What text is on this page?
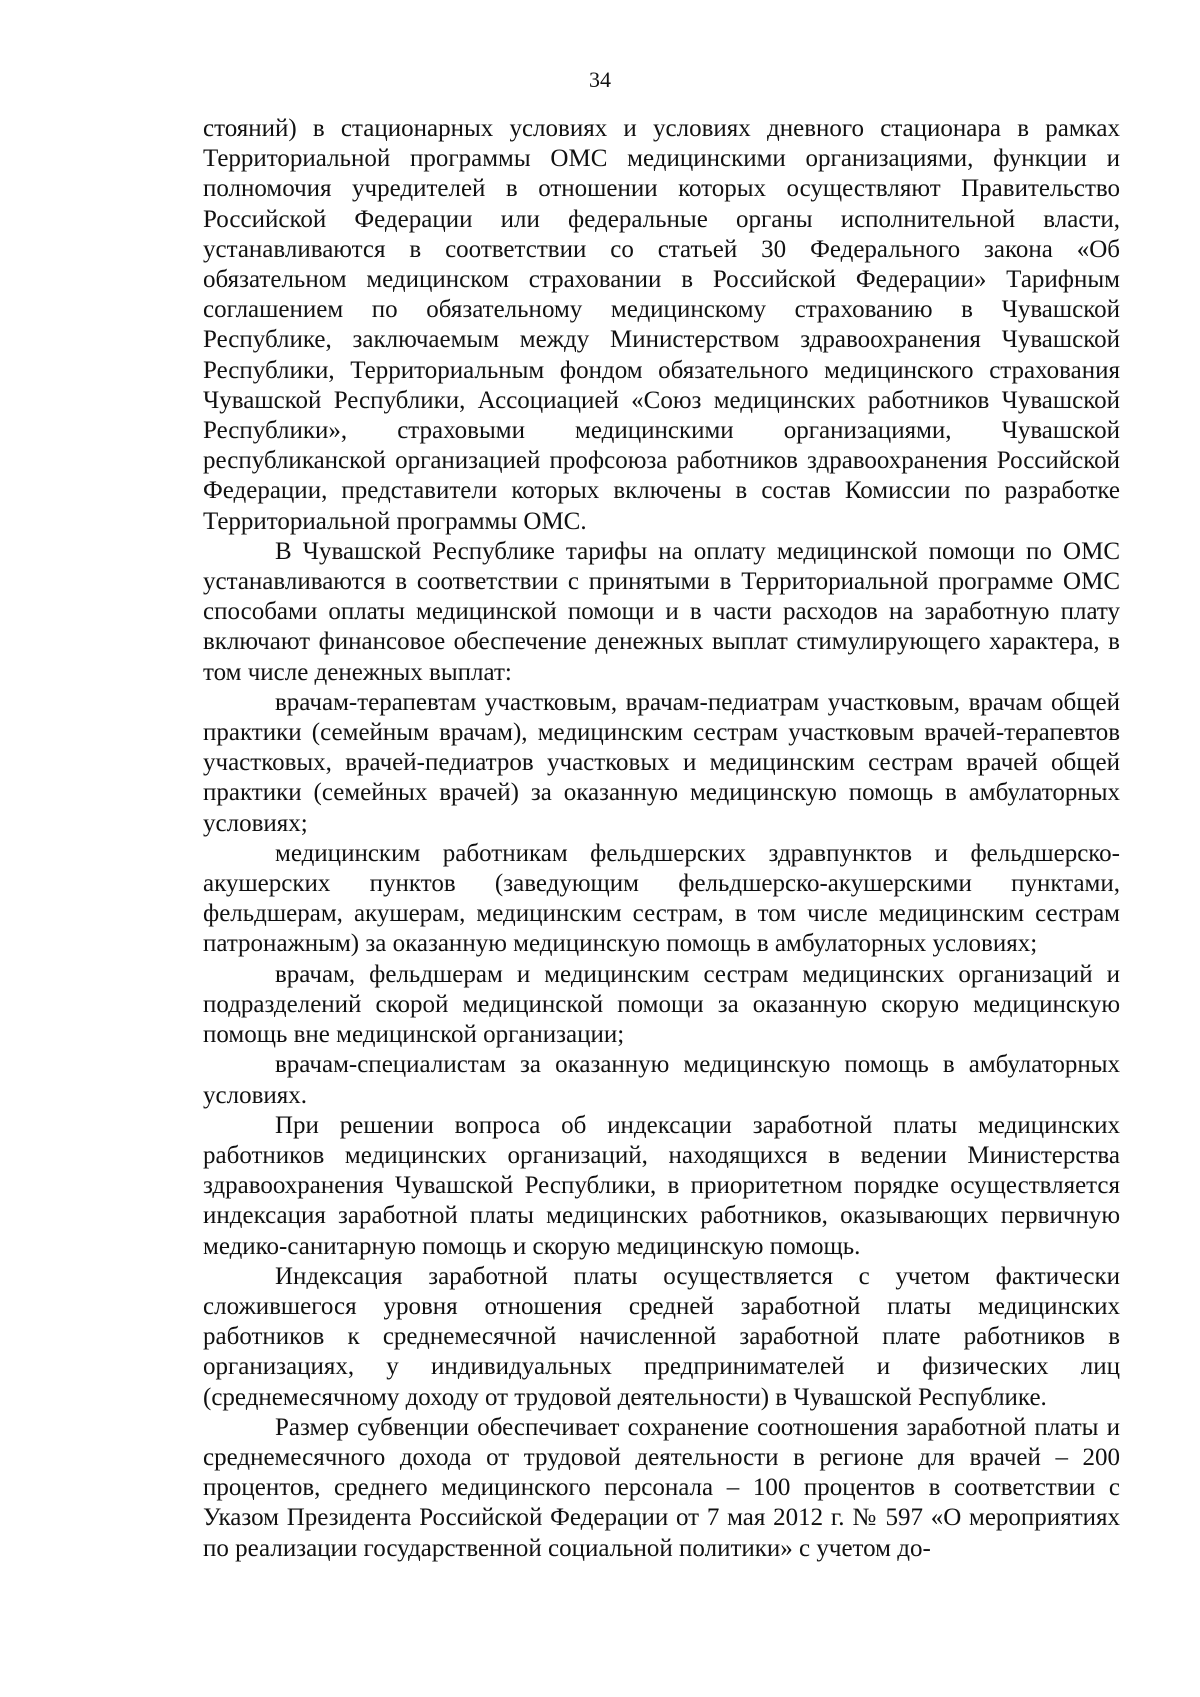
34

стояний) в стационарных условиях и условиях дневного стационара в рамках Территориальной программы ОМС медицинскими организациями, функции и полномочия учредителей в отношении которых осуществляют Правительство Российской Федерации или федеральные органы исполнительной власти, устанавливаются в соответствии со статьей 30 Федерального закона «Об обязательном медицинском страховании в Российской Федерации» Тарифным соглашением по обязательному медицинскому страхованию в Чувашской Республике, заключаемым между Министерством здравоохранения Чувашской Республики, Территориальным фондом обязательного медицинского страхования Чувашской Республики, Ассоциацией «Союз медицинских работников Чувашской Республики», страховыми медицинскими организациями, Чувашской республиканской организацией профсоюза работников здравоохранения Российской Федерации, представители которых включены в состав Комиссии по разработке Территориальной программы ОМС.

В Чувашской Республике тарифы на оплату медицинской помощи по ОМС устанавливаются в соответствии с принятыми в Территориальной программе ОМС способами оплаты медицинской помощи и в части расходов на заработную плату включают финансовое обеспечение денежных выплат стимулирующего характера, в том числе денежных выплат:

врачам-терапевтам участковым, врачам-педиатрам участковым, врачам общей практики (семейным врачам), медицинским сестрам участковым врачей-терапевтов участковых, врачей-педиатров участковых и медицинским сестрам врачей общей практики (семейных врачей) за оказанную медицинскую помощь в амбулаторных условиях;

медицинским работникам фельдшерских здравпунктов и фельдшерско-акушерских пунктов (заведующим фельдшерско-акушерскими пунктами, фельдшерам, акушерам, медицинским сестрам, в том числе медицинским сестрам патронажным) за оказанную медицинскую помощь в амбулаторных условиях;

врачам, фельдшерам и медицинским сестрам медицинских организаций и подразделений скорой медицинской помощи за оказанную скорую медицинскую помощь вне медицинской организации;

врачам-специалистам за оказанную медицинскую помощь в амбулаторных условиях.

При решении вопроса об индексации заработной платы медицинских работников медицинских организаций, находящихся в ведении Министерства здравоохранения Чувашской Республики, в приоритетном порядке осуществляется индексация заработной платы медицинских работников, оказывающих первичную медико-санитарную помощь и скорую медицинскую помощь.

Индексация заработной платы осуществляется с учетом фактически сложившегося уровня отношения средней заработной платы медицинских работников к среднемесячной начисленной заработной плате работников в организациях, у индивидуальных предпринимателей и физических лиц (среднемесячному доходу от трудовой деятельности) в Чувашской Республике.

Размер субвенции обеспечивает сохранение соотношения заработной платы и среднемесячного дохода от трудовой деятельности в регионе для врачей – 200 процентов, среднего медицинского персонала – 100 процентов в соответствии с Указом Президента Российской Федерации от 7 мая 2012 г. № 597 «О мероприятиях по реализации государственной социальной политики» с учетом до-
